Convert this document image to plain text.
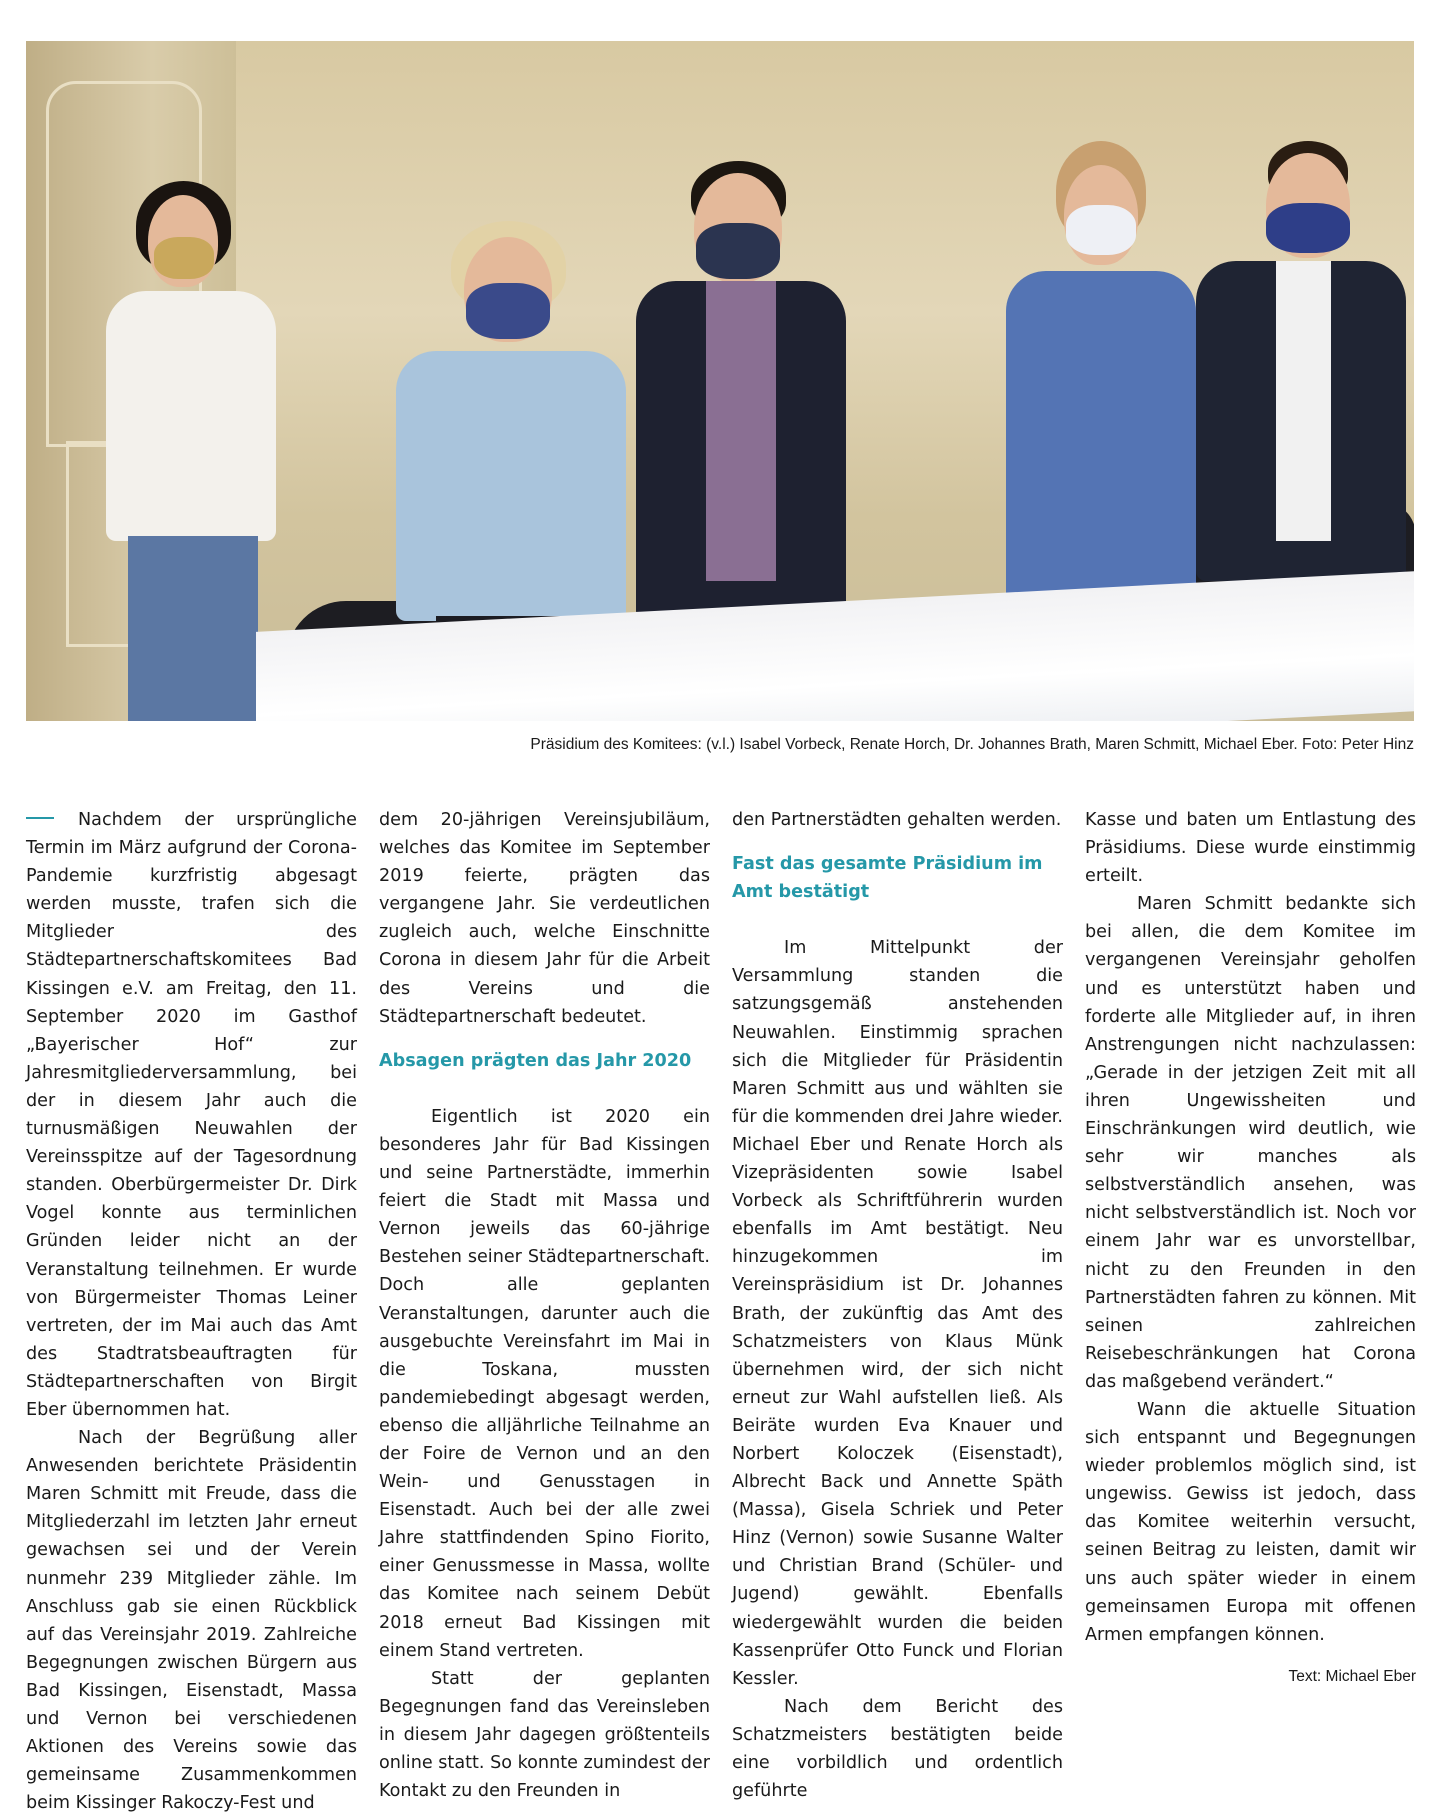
Präsidium des Komitees: (v.l.) Isabel Vorbeck, Renate Horch, Dr. Johannes Brath, Maren Schmitt, Michael Eber. Foto: Peter Hinz

Nachdem der ursprüngliche Termin im März aufgrund der Corona-Pandemie kurzfristig abgesagt werden musste, trafen sich die Mitglieder des Städtepartnerschaftskomitees Bad Kissingen e.V. am Freitag, den 11. September 2020 im Gasthof „Bayerischer Hof“ zur Jahresmitgliederversammlung, bei der in diesem Jahr auch die turnusmäßigen Neuwahlen der Vereinsspitze auf der Tagesordnung standen. Oberbürgermeister Dr. Dirk Vogel konnte aus terminlichen Gründen leider nicht an der Veranstaltung teilnehmen. Er wurde von Bürgermeister Thomas Leiner vertreten, der im Mai auch das Amt des Stadtratsbeauftragten für Städtepartnerschaften von Birgit Eber übernommen hat.

Nach der Begrüßung aller Anwesenden berichtete Präsidentin Maren Schmitt mit Freude, dass die Mitgliederzahl im letzten Jahr erneut gewachsen sei und der Verein nunmehr 239 Mitglieder zähle. Im Anschluss gab sie einen Rückblick auf das Vereinsjahr 2019. Zahlreiche Begegnungen zwischen Bürgern aus Bad Kissingen, Eisenstadt, Massa und Vernon bei verschiedenen Aktionen des Vereins sowie das gemeinsame Zusammenkommen beim Kissinger Rakoczy-Fest und

dem 20-jährigen Vereinsjubiläum, welches das Komitee im September 2019 feierte, prägten das vergangene Jahr. Sie verdeutlichen zugleich auch, welche Einschnitte Corona in diesem Jahr für die Arbeit des Vereins und die Städtepartnerschaft bedeutet.

Absagen prägten das Jahr 2020

Eigentlich ist 2020 ein besonderes Jahr für Bad Kissingen und seine Partnerstädte, immerhin feiert die Stadt mit Massa und Vernon jeweils das 60-jährige Bestehen seiner Städtepartnerschaft. Doch alle geplanten Veranstaltungen, darunter auch die ausgebuchte Vereinsfahrt im Mai in die Toskana, mussten pandemiebedingt abgesagt werden, ebenso die alljährliche Teilnahme an der Foire de Vernon und an den Wein- und Genusstagen in Eisenstadt. Auch bei der alle zwei Jahre stattfindenden Spino Fiorito, einer Genussmesse in Massa, wollte das Komitee nach seinem Debüt 2018 erneut Bad Kissingen mit einem Stand vertreten.

Statt der geplanten Begegnungen fand das Vereinsleben in diesem Jahr dagegen größtenteils online statt. So konnte zumindest der Kontakt zu den Freunden in

den Partnerstädten gehalten werden.

Fast das gesamte Präsidium im Amt bestätigt

Im Mittelpunkt der Versammlung standen die satzungsgemäß anstehenden Neuwahlen. Einstimmig sprachen sich die Mitglieder für Präsidentin Maren Schmitt aus und wählten sie für die kommenden drei Jahre wieder. Michael Eber und Renate Horch als Vizepräsidenten sowie Isabel Vorbeck als Schriftführerin wurden ebenfalls im Amt bestätigt. Neu hinzugekommen im Vereinspräsidium ist Dr. Johannes Brath, der zukünftig das Amt des Schatzmeisters von Klaus Münk übernehmen wird, der sich nicht erneut zur Wahl aufstellen ließ. Als Beiräte wurden Eva Knauer und Norbert Koloczek (Eisenstadt), Albrecht Back und Annette Späth (Massa), Gisela Schriek und Peter Hinz (Vernon) sowie Susanne Walter und Christian Brand (Schüler- und Jugend) gewählt. Ebenfalls wiedergewählt wurden die beiden Kassenprüfer Otto Funck und Florian Kessler.

Nach dem Bericht des Schatzmeisters bestätigten beide eine vorbildlich und ordentlich geführte

Kasse und baten um Entlastung des Präsidiums. Diese wurde einstimmig erteilt.

Maren Schmitt bedankte sich bei allen, die dem Komitee im vergangenen Vereinsjahr geholfen und es unterstützt haben und forderte alle Mitglieder auf, in ihren Anstrengungen nicht nachzulassen: „Gerade in der jetzigen Zeit mit all ihren Ungewissheiten und Einschränkungen wird deutlich, wie sehr wir manches als selbstverständlich ansehen, was nicht selbstverständlich ist. Noch vor einem Jahr war es unvorstellbar, nicht zu den Freunden in den Partnerstädten fahren zu können. Mit seinen zahlreichen Reisebeschränkungen hat Corona das maßgebend verändert.“

Wann die aktuelle Situation sich entspannt und Begegnungen wieder problemlos möglich sind, ist ungewiss. Gewiss ist jedoch, dass das Komitee weiterhin versucht, seinen Beitrag zu leisten, damit wir uns auch später wieder in einem gemeinsamen Europa mit offenen Armen empfangen können.

Text: Michael Eber
